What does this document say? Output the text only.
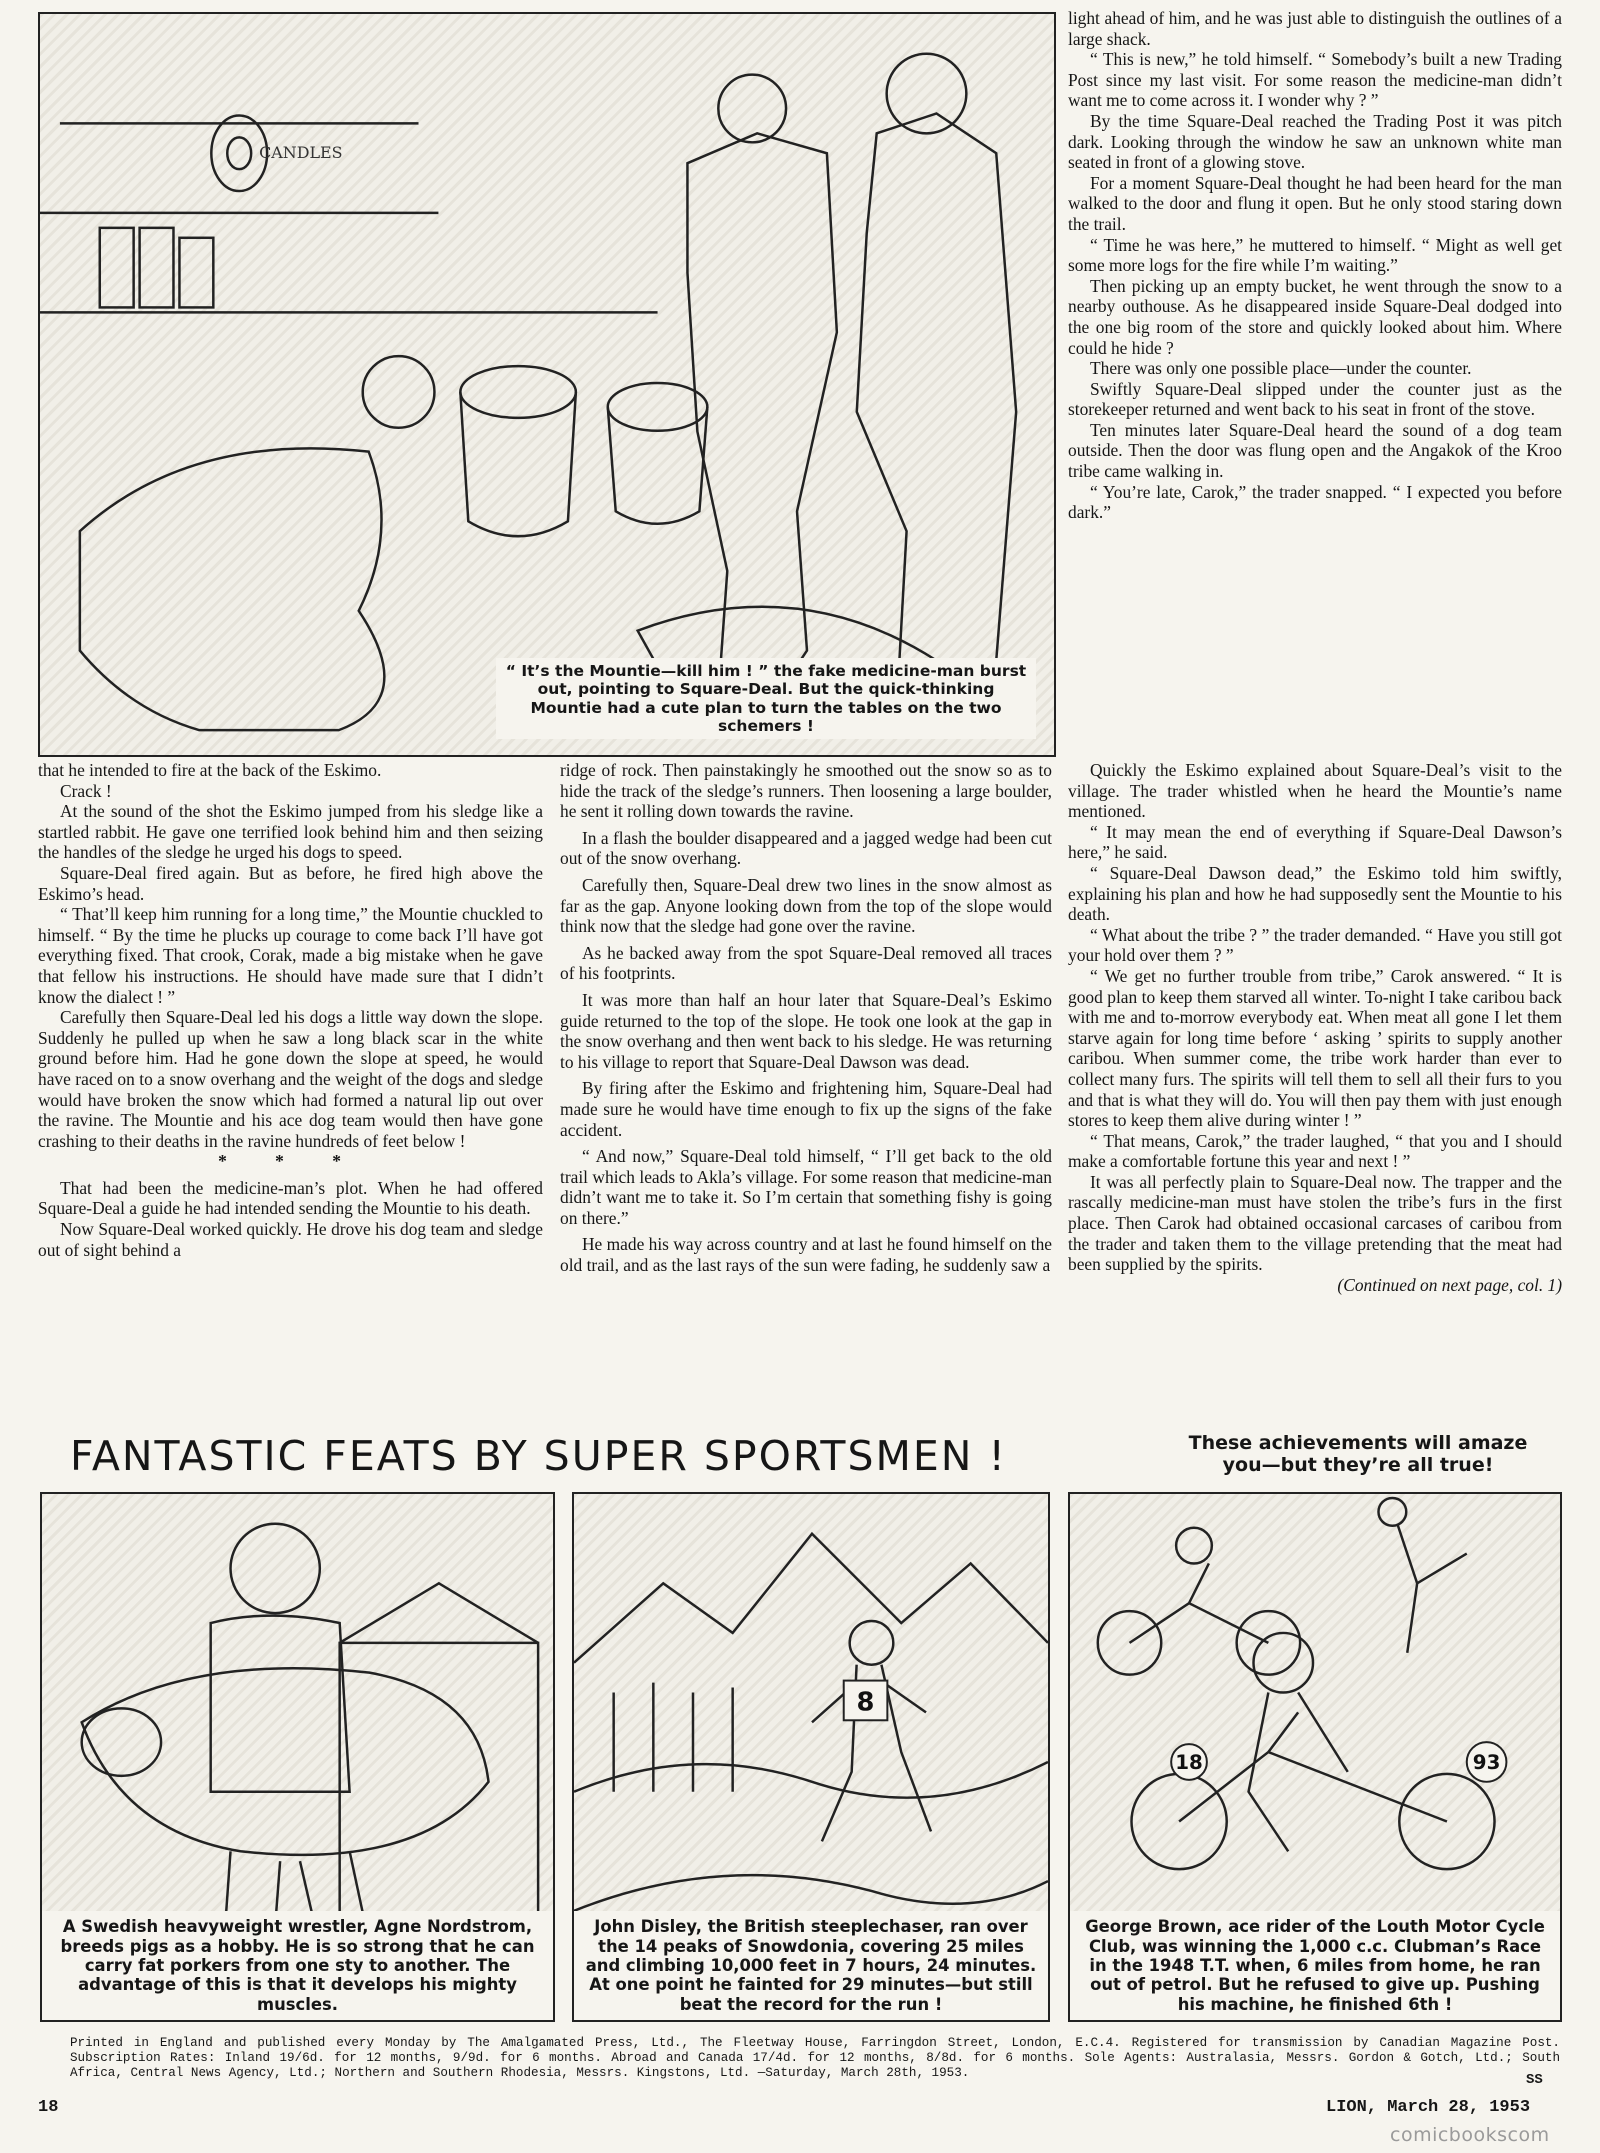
CANDLES
“ It’s the Mountie—kill him ! ” the fake medicine-man burst out, pointing to Square-Deal. But the quick-thinking Mountie had a cute plan to turn the tables on the two schemers !

light ahead of him, and he was just able to distinguish the outlines of a large shack.

“ This is new,” he told himself. “ Somebody’s built a new Trading Post since my last visit. For some reason the medicine-man didn’t want me to come across it. I wonder why ? ”

By the time Square-Deal reached the Trading Post it was pitch dark. Looking through the window he saw an unknown white man seated in front of a glowing stove.

For a moment Square-Deal thought he had been heard for the man walked to the door and flung it open. But he only stood staring down the trail.

“ Time he was here,” he muttered to himself. “ Might as well get some more logs for the fire while I’m waiting.”

Then picking up an empty bucket, he went through the snow to a nearby outhouse. As he disappeared inside Square-Deal dodged into the one big room of the store and quickly looked about him. Where could he hide ?

There was only one possible place—under the counter.

Swiftly Square-Deal slipped under the counter just as the storekeeper returned and went back to his seat in front of the stove.

Ten minutes later Square-Deal heard the sound of a dog team outside. Then the door was flung open and the Angakok of the Kroo tribe came walking in.

“ You’re late, Carok,” the trader snapped. “ I expected you before dark.”

that he intended to fire at the back of the Eskimo.

Crack !

At the sound of the shot the Eskimo jumped from his sledge like a startled rabbit. He gave one terrified look behind him and then seizing the handles of the sledge he urged his dogs to speed.

Square-Deal fired again. But as before, he fired high above the Eskimo’s head.

“ That’ll keep him running for a long time,” the Mountie chuckled to himself. “ By the time he plucks up courage to come back I’ll have got everything fixed. That crook, Corak, made a big mistake when he gave that fellow his instructions. He should have made sure that I didn’t know the dialect ! ”

Carefully then Square-Deal led his dogs a little way down the slope. Suddenly he pulled up when he saw a long black scar in the white ground before him. Had he gone down the slope at speed, he would have raced on to a snow overhang and the weight of the dogs and sledge would have broken the snow which had formed a natural lip out over the ravine. The Mountie and his ace dog team would then have gone crashing to their deaths in the ravine hundreds of feet below !

* * *

That had been the medicine-man’s plot. When he had offered Square-Deal a guide he had intended sending the Mountie to his death.

Now Square-Deal worked quickly. He drove his dog team and sledge out of sight behind a

ridge of rock. Then painstakingly he smoothed out the snow so as to hide the track of the sledge’s runners. Then loosening a large boulder, he sent it rolling down towards the ravine.

In a flash the boulder disappeared and a jagged wedge had been cut out of the snow overhang.

Carefully then, Square-Deal drew two lines in the snow almost as far as the gap. Anyone looking down from the top of the slope would think now that the sledge had gone over the ravine.

As he backed away from the spot Square-Deal removed all traces of his footprints.

It was more than half an hour later that Square-Deal’s Eskimo guide returned to the top of the slope. He took one look at the gap in the snow overhang and then went back to his sledge. He was returning to his village to report that Square-Deal Dawson was dead.

By firing after the Eskimo and frightening him, Square-Deal had made sure he would have time enough to fix up the signs of the fake accident.

“ And now,” Square-Deal told himself, “ I’ll get back to the old trail which leads to Akla’s village. For some reason that medicine-man didn’t want me to take it. So I’m certain that something fishy is going on there.”

He made his way across country and at last he found himself on the old trail, and as the last rays of the sun were fading, he suddenly saw a

Quickly the Eskimo explained about Square-Deal’s visit to the village. The trader whistled when he heard the Mountie’s name mentioned.

“ It may mean the end of everything if Square-Deal Dawson’s here,” he said.

“ Square-Deal Dawson dead,” the Eskimo told him swiftly, explaining his plan and how he had supposedly sent the Mountie to his death.

“ What about the tribe ? ” the trader demanded. “ Have you still got your hold over them ? ”

“ We get no further trouble from tribe,” Carok answered. “ It is good plan to keep them starved all winter. To-night I take caribou back with me and to-morrow everybody eat. When meat all gone I let them starve again for long time before ‘ asking ’ spirits to supply another caribou. When summer come, the tribe work harder than ever to collect many furs. The spirits will tell them to sell all their furs to you and that is what they will do. You will then pay them with just enough stores to keep them alive during winter ! ”

“ That means, Carok,” the trader laughed, “ that you and I should make a comfortable fortune this year and next ! ”

It was all perfectly plain to Square-Deal now. The trapper and the rascally medicine-man must have stolen the tribe’s furs in the first place. Then Carok had obtained occasional carcases of caribou from the trader and taken them to the village pretending that the meat had been supplied by the spirits.

(Continued on next page, col. 1)

FANTASTIC FEATS BY SUPER SPORTSMEN !	These achievements will amaze you—but they’re all true!
A Swedish heavyweight wrestler, Agne Nordstrom, breeds pigs as a hobby. He is so strong that he can carry fat porkers from one sty to another. The advantage of this is that it develops his mighty muscles.
8
John Disley, the British steeplechaser, ran over the 14 peaks of Snowdonia, covering 25 miles and climbing 10,000 feet in 7 hours, 24 minutes. At one point he fainted for 29 minutes—but still beat the record for the run !
18	93
George Brown, ace rider of the Louth Motor Cycle Club, was winning the 1,000 c.c. Clubman’s Race in the 1948 T.T. when, 6 miles from home, he ran out of petrol. But he refused to give up. Pushing his machine, he finished 6th !
Printed in England and published every Monday by The Amalgamated Press, Ltd., The Fleetway House, Farringdon Street, London, E.C.4. Registered for transmission by Canadian Magazine Post. Subscription Rates: Inland 19/6d. for 12 months, 9/9d. for 6 months. Abroad and Canada 17/4d. for 12 months, 8/8d. for 6 months. Sole Agents: Australasia, Messrs. Gordon & Gotch, Ltd.; South Africa, Central News Agency, Ltd.; Northern and Southern Rhodesia, Messrs. Kingstons, Ltd. —Saturday, March 28th, 1953.	SS
18	LION, March 28, 1953
comicbookscom
